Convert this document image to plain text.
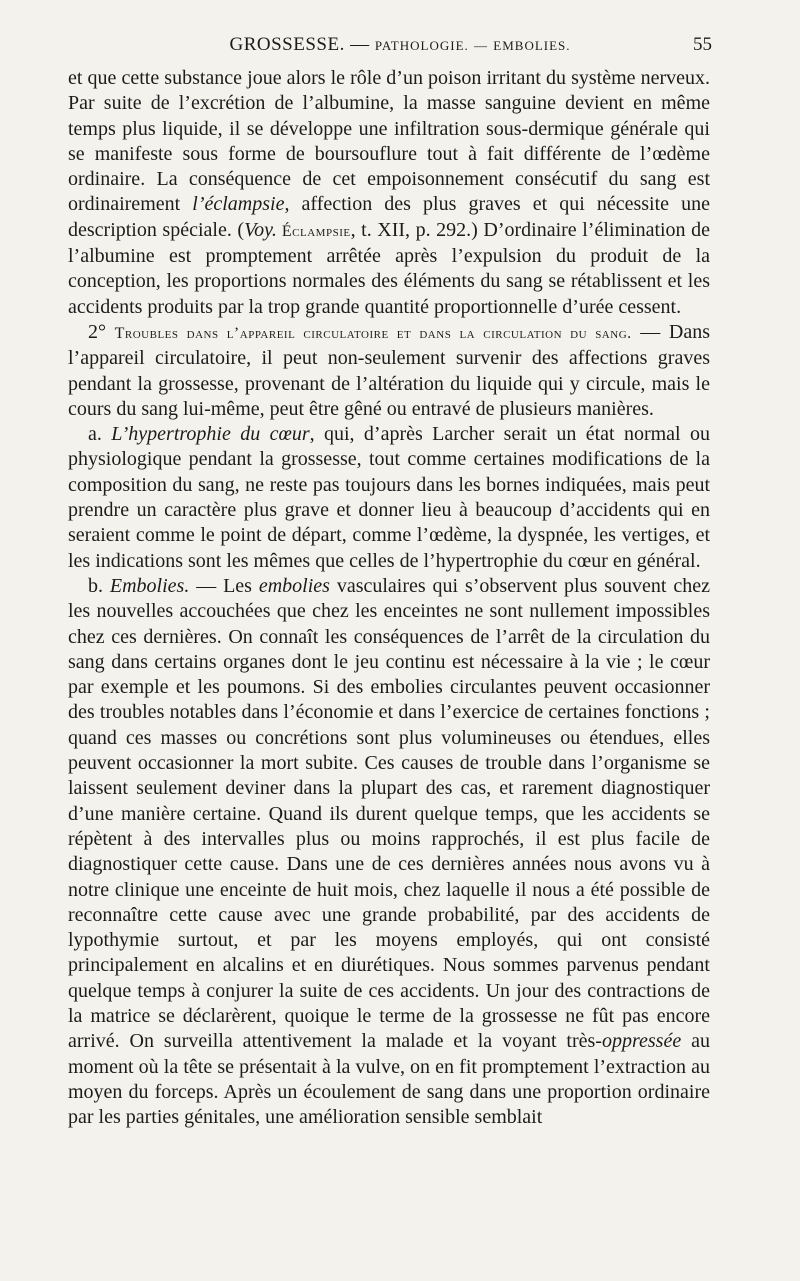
GROSSESSE. — PATHOLOGIE. — EMBOLIES.	55

et que cette substance joue alors le rôle d’un poison irritant du système nerveux. Par suite de l’excrétion de l’albumine, la masse sanguine devient en même temps plus liquide, il se développe une infiltration sous-dermique générale qui se manifeste sous forme de boursouflure tout à fait différente de l’œdème ordinaire. La conséquence de cet empoisonnement consécutif du sang est ordinairement l’éclampsie, affection des plus graves et qui nécessite une description spéciale. (Voy. Éclampsie, t. XII, p. 292.) D’ordinaire l’élimination de l’albumine est promptement arrêtée après l’expulsion du produit de la conception, les proportions normales des éléments du sang se rétablissent et les accidents produits par la trop grande quantité proportionnelle d’urée cessent.

2° Troubles dans l’appareil circulatoire et dans la circulation du sang. — Dans l’appareil circulatoire, il peut non-seulement survenir des affections graves pendant la grossesse, provenant de l’altération du liquide qui y circule, mais le cours du sang lui-même, peut être gêné ou entravé de plusieurs manières.

a. L’hypertrophie du cœur, qui, d’après Larcher serait un état normal ou physiologique pendant la grossesse, tout comme certaines modifications de la composition du sang, ne reste pas toujours dans les bornes indiquées, mais peut prendre un caractère plus grave et donner lieu à beaucoup d’accidents qui en seraient comme le point de départ, comme l’œdème, la dyspnée, les vertiges, et les indications sont les mêmes que celles de l’hypertrophie du cœur en général.

b. Embolies. — Les embolies vasculaires qui s’observent plus souvent chez les nouvelles accouchées que chez les enceintes ne sont nullement impossibles chez ces dernières. On connaît les conséquences de l’arrêt de la circulation du sang dans certains organes dont le jeu continu est nécessaire à la vie ; le cœur par exemple et les poumons. Si des embolies circulantes peuvent occasionner des troubles notables dans l’économie et dans l’exercice de certaines fonctions ; quand ces masses ou concrétions sont plus volumineuses ou étendues, elles peuvent occasionner la mort subite. Ces causes de trouble dans l’organisme se laissent seulement deviner dans la plupart des cas, et rarement diagnostiquer d’une manière certaine. Quand ils durent quelque temps, que les accidents se répètent à des intervalles plus ou moins rapprochés, il est plus facile de diagnostiquer cette cause. Dans une de ces dernières années nous avons vu à notre clinique une enceinte de huit mois, chez laquelle il nous a été possible de reconnaître cette cause avec une grande probabilité, par des accidents de lypothymie surtout, et par les moyens employés, qui ont consisté principalement en alcalins et en diurétiques. Nous sommes parvenus pendant quelque temps à conjurer la suite de ces accidents. Un jour des contractions de la matrice se déclarèrent, quoique le terme de la grossesse ne fût pas encore arrivé. On surveilla attentivement la malade et la voyant très-oppressée au moment où la tête se présentait à la vulve, on en fit promptement l’extraction au moyen du forceps. Après un écoulement de sang dans une proportion ordinaire par les parties génitales, une amélioration sensible semblait
